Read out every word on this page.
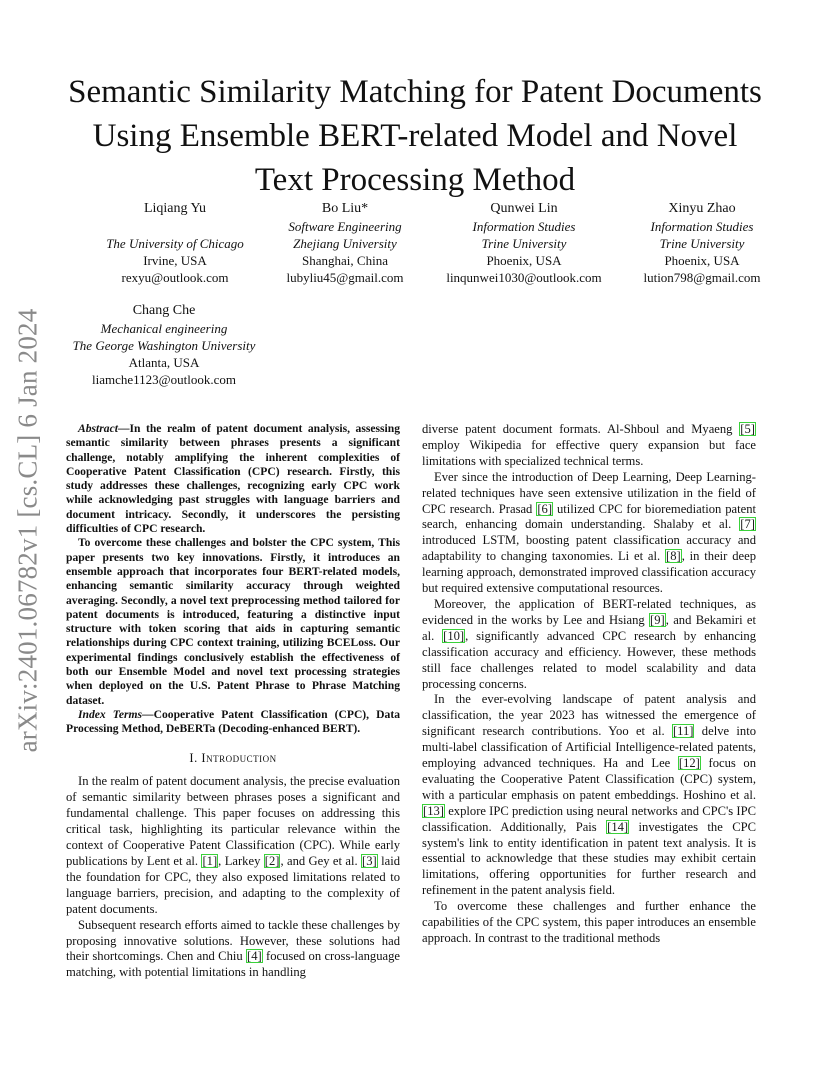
arXiv:2401.06782v1 [cs.CL] 6 Jan 2024
Semantic Similarity Matching for Patent Documents Using Ensemble BERT-related Model and Novel Text Processing Method
Liqiang Yu
The University of Chicago
Irvine, USA
rexyu@outlook.com
Bo Liu*
Software Engineering
Zhejiang University
Shanghai, China
lubyliu45@gmail.com
Qunwei Lin
Information Studies
Trine University
Phoenix, USA
linqunwei1030@outlook.com
Xinyu Zhao
Information Studies
Trine University
Phoenix, USA
lution798@gmail.com
Chang Che
Mechanical engineering
The George Washington University
Atlanta, USA
liamche1123@outlook.com

Abstract—In the realm of patent document analysis, assessing semantic similarity between phrases presents a significant challenge, notably amplifying the inherent complexities of Cooperative Patent Classification (CPC) research. Firstly, this study addresses these challenges, recognizing early CPC work while acknowledging past struggles with language barriers and document intricacy. Secondly, it underscores the persisting difficulties of CPC research.

To overcome these challenges and bolster the CPC system, This paper presents two key innovations. Firstly, it introduces an ensemble approach that incorporates four BERT-related models, enhancing semantic similarity accuracy through weighted averaging. Secondly, a novel text preprocessing method tailored for patent documents is introduced, featuring a distinctive input structure with token scoring that aids in capturing semantic relationships during CPC context training, utilizing BCELoss. Our experimental findings conclusively establish the effectiveness of both our Ensemble Model and novel text processing strategies when deployed on the U.S. Patent Phrase to Phrase Matching dataset.

Index Terms—Cooperative Patent Classification (CPC), Data Processing Method, DeBERTa (Decoding-enhanced BERT).

I. Introduction

In the realm of patent document analysis, the precise evaluation of semantic similarity between phrases poses a significant and fundamental challenge. This paper focuses on addressing this critical task, highlighting its particular relevance within the context of Cooperative Patent Classification (CPC). While early publications by Lent et al. [ 1 ] , Larkey [ 2 ] , and Gey et al. [ 3 ] laid the foundation for CPC, they also exposed limitations related to language barriers, precision, and adapting to the complexity of patent documents.

Subsequent research efforts aimed to tackle these challenges by proposing innovative solutions. However, these solutions had their shortcomings. Chen and Chiu [ 4 ] focused on cross-language matching, with potential limitations in handling

diverse patent document formats. Al-Shboul and Myaeng [ 5 ] employ Wikipedia for effective query expansion but face limitations with specialized technical terms.

Ever since the introduction of Deep Learning, Deep Learning-related techniques have seen extensive utilization in the field of CPC research. Prasad [ 6 ] utilized CPC for bioremediation patent search, enhancing domain understanding. Shalaby et al. [ 7 ] introduced LSTM, boosting patent classification accuracy and adaptability to changing taxonomies. Li et al. [ 8 ] , in their deep learning approach, demonstrated improved classification accuracy but required extensive computational resources.

Moreover, the application of BERT-related techniques, as evidenced in the works by Lee and Hsiang [ 9 ] , and Bekamiri et al. [ 10 ] , significantly advanced CPC research by enhancing classification accuracy and efficiency. However, these methods still face challenges related to model scalability and data processing concerns.

In the ever-evolving landscape of patent analysis and classification, the year 2023 has witnessed the emergence of significant research contributions. Yoo et al. [ 11 ] delve into multi-label classification of Artificial Intelligence-related patents, employing advanced techniques. Ha and Lee [ 12 ] focus on evaluating the Cooperative Patent Classification (CPC) system, with a particular emphasis on patent embeddings. Hoshino et al. [ 13 ] explore IPC prediction using neural networks and CPC's IPC classification. Additionally, Pais [ 14 ] investigates the CPC system's link to entity identification in patent text analysis. It is essential to acknowledge that these studies may exhibit certain limitations, offering opportunities for further research and refinement in the patent analysis field.

To overcome these challenges and further enhance the capabilities of the CPC system, this paper introduces an ensemble approach. In contrast to the traditional methods
